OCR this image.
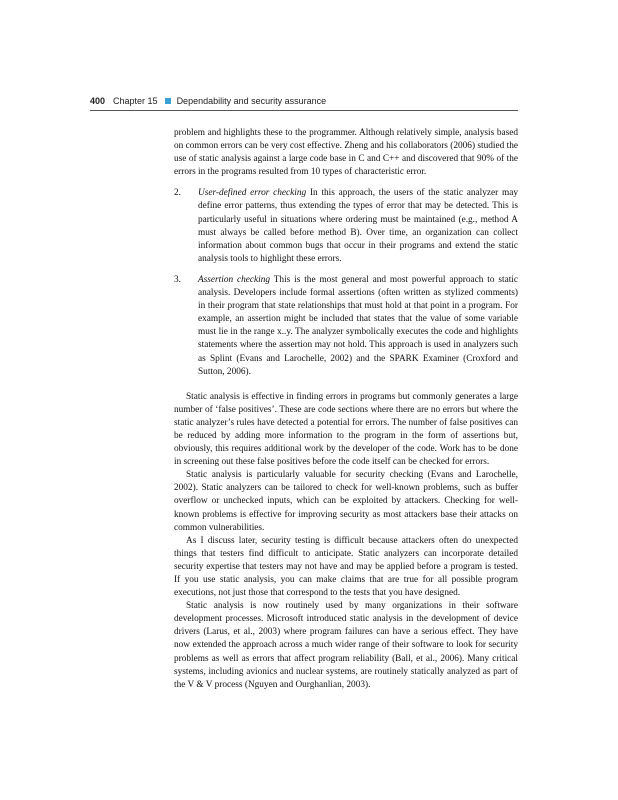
400 Chapter 15 Dependability and security assurance

problem and highlights these to the programmer. Although relatively simple, analysis based on common errors can be very cost effective. Zheng and his collaborators (2006) studied the use of static analysis against a large code base in C and C++ and discovered that 90% of the errors in the programs resulted from 10 types of characteristic error.

2. User-defined error checking In this approach, the users of the static analyzer may define error patterns, thus extending the types of error that may be detected. This is particularly useful in situations where ordering must be maintained (e.g., method A must always be called before method B). Over time, an organization can collect information about common bugs that occur in their programs and extend the static analysis tools to highlight these errors.
3. Assertion checking This is the most general and most powerful approach to static analysis. Developers include formal assertions (often written as stylized comments) in their program that state relationships that must hold at that point in a program. For example, an assertion might be included that states that the value of some variable must lie in the range x..y. The analyzer symbolically executes the code and highlights statements where the assertion may not hold. This approach is used in analyzers such as Splint (Evans and Larochelle, 2002) and the SPARK Examiner (Croxford and Sutton, 2006).

Static analysis is effective in finding errors in programs but commonly generates a large number of ‘false positives’. These are code sections where there are no errors but where the static analyzer’s rules have detected a potential for errors. The number of false positives can be reduced by adding more information to the program in the form of assertions but, obviously, this requires additional work by the developer of the code. Work has to be done in screening out these false positives before the code itself can be checked for errors.

Static analysis is particularly valuable for security checking (Evans and Larochelle, 2002). Static analyzers can be tailored to check for well-known problems, such as buffer overflow or unchecked inputs, which can be exploited by attackers. Checking for well-known problems is effective for improving security as most attackers base their attacks on common vulnerabilities.

As I discuss later, security testing is difficult because attackers often do unexpected things that testers find difficult to anticipate. Static analyzers can incorporate detailed security expertise that testers may not have and may be applied before a program is tested. If you use static analysis, you can make claims that are true for all possible program executions, not just those that correspond to the tests that you have designed.

Static analysis is now routinely used by many organizations in their software development processes. Microsoft introduced static analysis in the development of device drivers (Larus, et al., 2003) where program failures can have a serious effect. They have now extended the approach across a much wider range of their software to look for security problems as well as errors that affect program reliability (Ball, et al., 2006). Many critical systems, including avionics and nuclear systems, are routinely statically analyzed as part of the V & V process (Nguyen and Ourghanlian, 2003).
